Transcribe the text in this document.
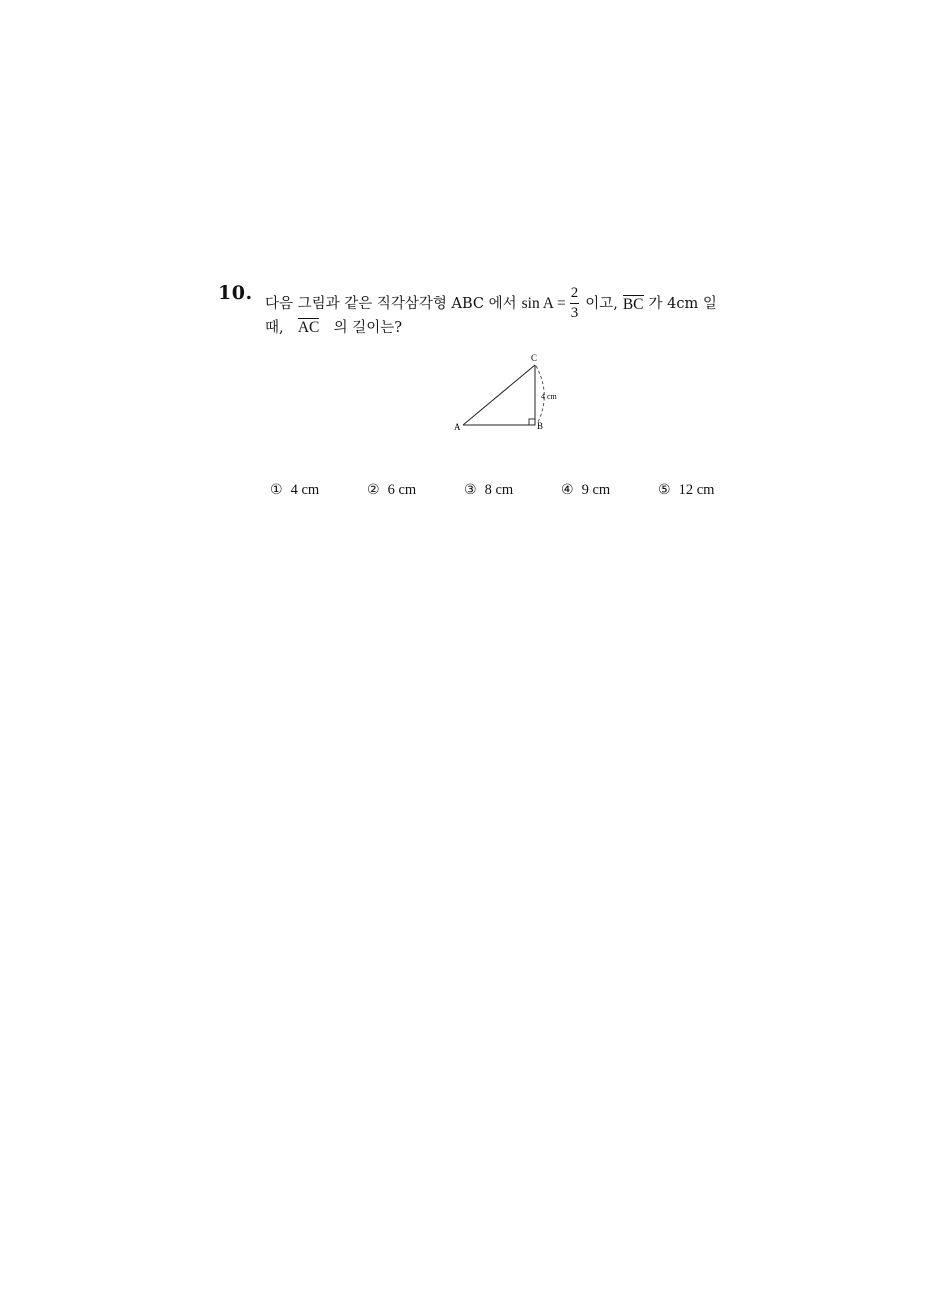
10. 다음 그림과 같은 직각삼각형 ABC 에서 $\sin A = \frac{2}{3}$ 이고, BC 가 4cm 일
때, AC 의 길이는?
A	B
C
4 cm
① 4 cm	② 6 cm	③ 8 cm	④ 9 cm	⑤ 12 cm
